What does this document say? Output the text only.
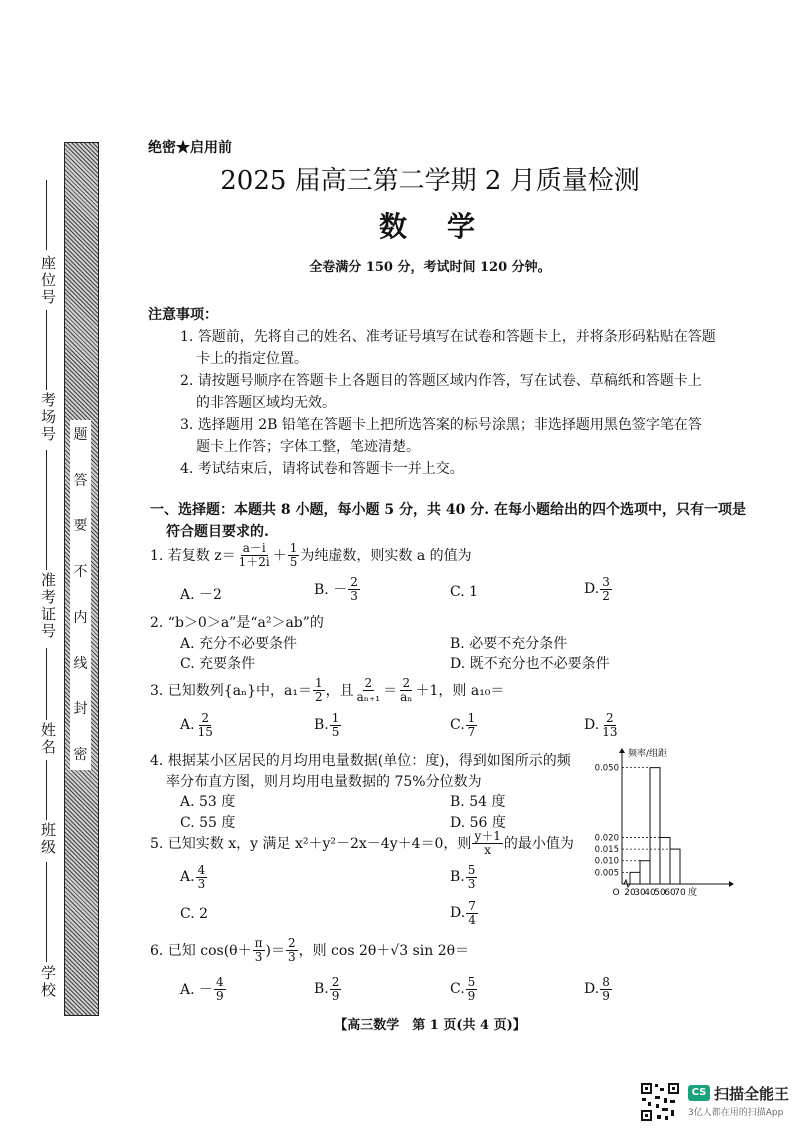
座位号
考场号
准考证号
姓名
班级
学校
题
答
要
不
内
线
封
密
绝密★启用前
2025 届高三第二学期 2 月质量检测
数　学
全卷满分 150 分，考试时间 120 分钟。
注意事项：
1. 答题前，先将自己的姓名、准考证号填写在试卷和答题卡上，并将条形码粘贴在答题
卡上的指定位置。
2. 请按题号顺序在答题卡上各题目的答题区域内作答，写在试卷、草稿纸和答题卡上
的非答题区域均无效。
3. 选择题用 2B 铅笔在答题卡上把所选答案的标号涂黑；非选择题用黑色签字笔在答
题卡上作答；字体工整，笔迹清楚。
4. 考试结束后，请将试卷和答题卡一并上交。
一、选择题：本题共 8 小题，每小题 5 分，共 40 分. 在每小题给出的四个选项中，只有一项是
符合题目要求的.
1. 若复数 $z= \frac{a-i}{1+2i} + \frac{1}{5}$ 为纯虚数，则实数 a 的值为
A. －2	B. － $\frac{2}{3}$	C. 1	D. $\frac{3}{2}$
2. “b＞0＞a”是“a²＞ab”的
A. 充分不必要条件	B. 必要不充分条件
C. 充要条件	D. 既不充分也不必要条件
3. 已知数列{aₙ}中，$a_1= \frac{1}{2}$ ，且 $\frac{2}{\text{aₙ₊₁}} = \frac{2}{\text{aₙ}} +1$，则 a₁₀＝
A. $\frac{2}{15}$	B. $\frac{1}{5}$	C. $\frac{1}{7}$	D. $\frac{2}{13}$
4. 根据某小区居民的月均用电量数据(单位：度)，得到如图所示的频
率分布直方图，则月均用电量数据的 75%分位数为
A. 53 度	B. 54 度
C. 55 度	D. 56 度
频率/组距
0.050
0.020
0.015
0.010
0.005
20
30
40
50
60
70
O	度
5. 已知实数 x，y 满足 x²＋y²－2x－4y＋4＝0，则 $\frac{y+1}{x}$ 的最小值为
A. $\frac{4}{3}$	B. $\frac{5}{3}$
C. 2	D. $\frac{7}{4}$
6. 已知 $\cos(\theta+ \frac{\pi}{3}$ )＝ $\frac{2}{3}$ ，则 cos 2θ＋√3 sin 2θ＝
A. － $\frac{4}{9}$	B. $\frac{2}{9}$	C. $\frac{5}{9}$	D. $\frac{8}{9}$
【高三数学　第 1 页(共 4 页)】
CS 扫描全能王
3亿人都在用的扫描App
